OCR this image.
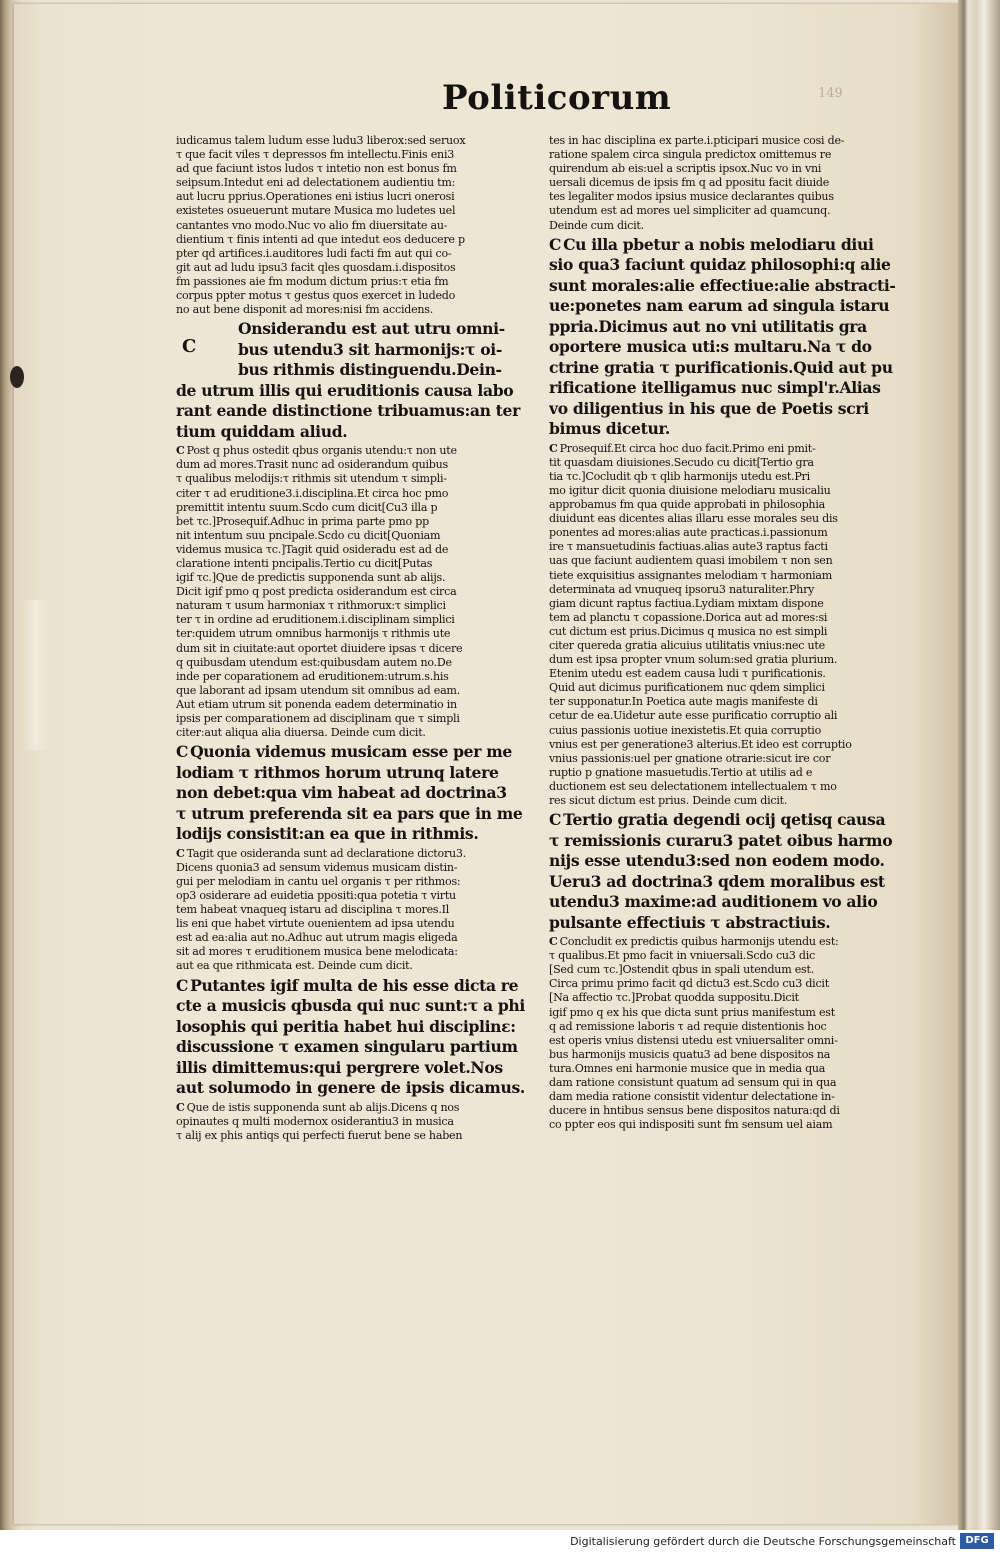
Politicorum	149
iudicamus talem ludum esse ludu3 liberox:sed seruox
τ que facit viles τ depressos fm intellectu.Finis eni3
ad que faciunt istos ludos τ intetio non est bonus fm
seipsum.Intedut eni ad delectationem audientiu tm:
aut lucru pprius.Operationes eni istius lucri onerosi
existetes osueuerunt mutare Musica mo ludetes uel
cantantes vno modo.Nuc vo alio fm diuersitate au-
dientium τ finis intenti ad que intedut eos deducere p
pter qd artifices.i.auditores ludi facti fm aut qui co-
git aut ad ludu ipsu3 facit qles quosdam.i.dispositos
fm passiones aie fm modum dictum prius:τ etia fm
corpus ppter motus τ gestus quos exercet in ludedo
no aut bene disponit ad mores:nisi fm accidens.
C
Onsiderandu est aut utru omni-
bus utendu3 sit harmonijs:τ oi-
bus rithmis distinguendu.Dein-
de utrum illis qui eruditionis causa labo
rant eande distinctione tribuamus:an ter
tium quiddam aliud.
C Post q phus ostedit qbus organis utendu:τ non ute
dum ad mores.Trasit nunc ad osiderandum quibus
τ qualibus melodijs:τ rithmis sit utendum τ simpli-
citer τ ad eruditione3.i.disciplina.Et circa hoc pmo
premittit intentu suum.Scdo cum dicit[Cu3 illa p
bet τc.]Prosequif.Adhuc in prima parte pmo pp
nit intentum suu pncipale.Scdo cu dicit[Quoniam
videmus musica τc.]Tagit quid osideradu est ad de
claratione intenti pncipalis.Tertio cu dicit[Putas
igif τc.]Que de predictis supponenda sunt ab alijs.
Dicit igif pmo q post predicta osiderandum est circa
naturam τ usum harmoniax τ rithmorux:τ simplici
ter τ in ordine ad eruditionem.i.disciplinam simplici
ter:quidem utrum omnibus harmonijs τ rithmis ute
dum sit in ciuitate:aut oportet diuidere ipsas τ dicere
q quibusdam utendum est:quibusdam autem no.De
inde per coparationem ad eruditionem:utrum.s.his
que laborant ad ipsam utendum sit omnibus ad eam.
Aut etiam utrum sit ponenda eadem determinatio in
ipsis per comparationem ad disciplinam que τ simpli
citer:aut aliqua alia diuersa. Deinde cum dicit.
C Quonia videmus musicam esse per me
lodiam τ rithmos horum utrunq latere
non debet:qua vim habeat ad doctrina3
τ utrum preferenda sit ea pars que in me
lodijs consistit:an ea que in rithmis.
C Tagit que osideranda sunt ad declaratione dictoru3.
Dicens quonia3 ad sensum videmus musicam distin-
gui per melodiam in cantu uel organis τ per rithmos:
op3 osiderare ad euidetia ppositi:qua potetia τ virtu
tem habeat vnaqueq istaru ad disciplina τ mores.Il
lis eni que habet virtute ouenientem ad ipsa utendu
est ad ea:alia aut no.Adhuc aut utrum magis eligeda
sit ad mores τ eruditionem musica bene melodicata:
aut ea que rithmicata est. Deinde cum dicit.
C Putantes igif multa de his esse dicta re
cte a musicis qbusda qui nuc sunt:τ a phi
losophis qui peritia habet hui disciplinε:
discussione τ examen singularu partium
illis dimittemus:qui pergrere volet.Nos
aut solumodo in genere de ipsis dicamus.
C Que de istis supponenda sunt ab alijs.Dicens q nos
opinautes q multi modernox osiderantiu3 in musica
τ alij ex phis antiqs qui perfecti fuerut bene se haben
tes in hac disciplina ex parte.i.pticipari musice cosi de-
ratione spalem circa singula predictox omittemus re
quirendum ab eis:uel a scriptis ipsox.Nuc vo in vni
uersali dicemus de ipsis fm q ad ppositu facit diuide
tes legaliter modos ipsius musice declarantes quibus
utendum est ad mores uel simpliciter ad quamcunq.
Deinde cum dicit.
C Cu illa pbetur a nobis melodiaru diui
sio qua3 faciunt quidaz philosophi:q alie
sunt morales:alie effectiue:alie abstracti-
ue:ponetes nam earum ad singula istaru
ppria.Dicimus aut no vni utilitatis gra
oportere musica uti:s multaru.Na τ do
ctrine gratia τ purificationis.Quid aut pu
rificatione itelligamus nuc simpl'r.Alias
vo diligentius in his que de Poetis scri
bimus dicetur.
C Prosequif.Et circa hoc duo facit.Primo eni pmit-
tit quasdam diuisiones.Secudo cu dicit[Tertio gra
tia τc.]Cocludit qb τ qlib harmonijs utedu est.Pri
mo igitur dicit quonia diuisione melodiaru musicaliu
approbamus fm qua quide approbati in philosophia
diuidunt eas dicentes alias illaru esse morales seu dis
ponentes ad mores:alias aute practicas.i.passionum
ire τ mansuetudinis factiuas.alias aute3 raptus facti
uas que faciunt audientem quasi imobilem τ non sen
tiete exquisitius assignantes melodiam τ harmoniam
determinata ad vnuqueq ipsoru3 naturaliter.Phry
giam dicunt raptus factiua.Lydiam mixtam dispone
tem ad planctu τ copassione.Dorica aut ad mores:si
cut dictum est prius.Dicimus q musica no est simpli
citer quereda gratia alicuius utilitatis vnius:nec ute
dum est ipsa propter vnum solum:sed gratia plurium.
Etenim utedu est eadem causa ludi τ purificationis.
Quid aut dicimus purificationem nuc qdem simplici
ter supponatur.In Poetica aute magis manifeste di
cetur de ea.Uidetur aute esse purificatio corruptio ali
cuius passionis uotiue inexistetis.Et quia corruptio
vnius est per generatione3 alterius.Et ideo est corruptio
vnius passionis:uel per gnatione otrarie:sicut ire cor
ruptio p gnatione masuetudis.Tertio at utilis ad e
ductionem est seu delectationem intellectualem τ mo
res sicut dictum est prius. Deinde cum dicit.
C Tertio gratia degendi ocij qetisq causa
τ remissionis curaru3 patet oibus harmo
nijs esse utendu3:sed non eodem modo.
Ueru3 ad doctrina3 qdem moralibus est
utendu3 maxime:ad auditionem vo alio
pulsante effectiuis τ abstractiuis.
C Concludit ex predictis quibus harmonijs utendu est:
τ qualibus.Et pmo facit in vniuersali.Scdo cu3 dic
[Sed cum τc.]Ostendit qbus in spali utendum est.
Circa primu primo facit qd dictu3 est.Scdo cu3 dicit
[Na affectio τc.]Probat quodda suppositu.Dicit
igif pmo q ex his que dicta sunt prius manifestum est
q ad remissione laboris τ ad requie distentionis hoc
est operis vnius distensi utedu est vniuersaliter omni-
bus harmonijs musicis quatu3 ad bene dispositos na
tura.Omnes eni harmonie musice que in media qua
dam ratione consistunt quatum ad sensum qui in qua
dam media ratione consistit videntur delectatione in-
ducere in hntibus sensus bene dispositos natura:qd di
co ppter eos qui indispositi sunt fm sensum uel aiam
Digitalisierung gefördert durch die Deutsche Forschungsgemeinschaft DFG
